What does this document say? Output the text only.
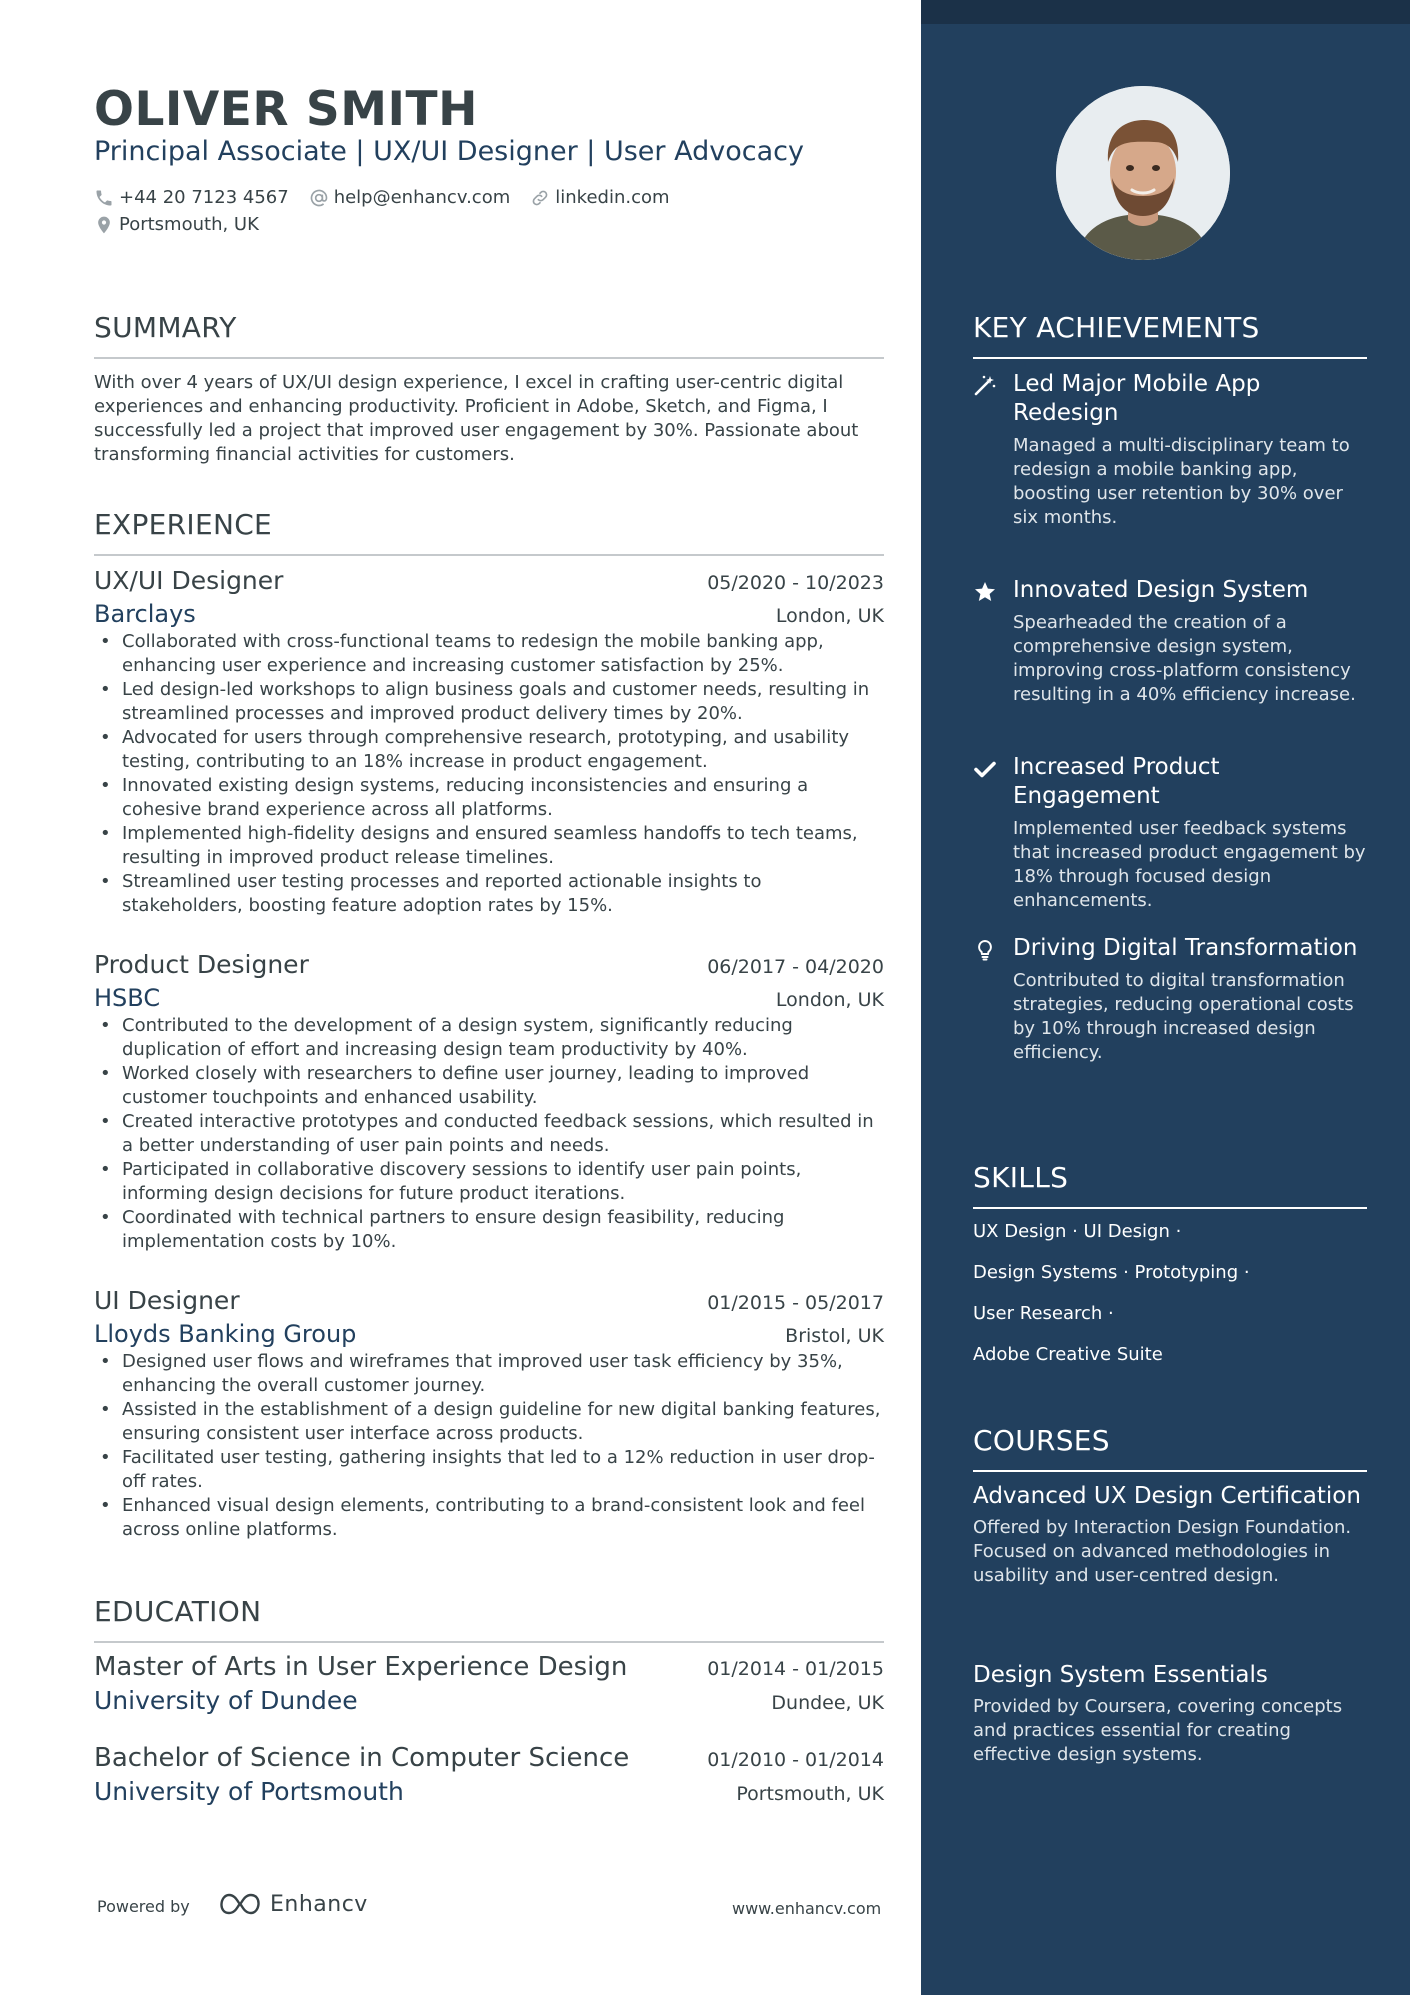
OLIVER SMITH
Principal Associate | UX/UI Designer | User Advocacy
+44 20 7123 4567	help@enhancv.com	linkedin.com
Portsmouth, UK
SUMMARY
With over 4 years of UX/UI design experience, I excel in crafting user-centric digital experiences and enhancing productivity. Proficient in Adobe, Sketch, and Figma, I successfully led a project that improved user engagement by 30%. Passionate about transforming financial activities for customers.
EXPERIENCE
UX/UI Designer	05/2020 - 10/2023
Barclays	London, UK
• Collaborated with cross-functional teams to redesign the mobile banking app, enhancing user experience and increasing customer satisfaction by 25%.
• Led design-led workshops to align business goals and customer needs, resulting in streamlined processes and improved product delivery times by 20%.
• Advocated for users through comprehensive research, prototyping, and usability testing, contributing to an 18% increase in product engagement.
• Innovated existing design systems, reducing inconsistencies and ensuring a cohesive brand experience across all platforms.
• Implemented high-fidelity designs and ensured seamless handoffs to tech teams, resulting in improved product release timelines.
• Streamlined user testing processes and reported actionable insights to stakeholders, boosting feature adoption rates by 15%.
Product Designer	06/2017 - 04/2020
HSBC	London, UK
• Contributed to the development of a design system, significantly reducing duplication of effort and increasing design team productivity by 40%.
• Worked closely with researchers to define user journey, leading to improved customer touchpoints and enhanced usability.
• Created interactive prototypes and conducted feedback sessions, which resulted in a better understanding of user pain points and needs.
• Participated in collaborative discovery sessions to identify user pain points, informing design decisions for future product iterations.
• Coordinated with technical partners to ensure design feasibility, reducing implementation costs by 10%.
UI Designer	01/2015 - 05/2017
Lloyds Banking Group	Bristol, UK
• Designed user flows and wireframes that improved user task efficiency by 35%, enhancing the overall customer journey.
• Assisted in the establishment of a design guideline for new digital banking features, ensuring consistent user interface across products.
• Facilitated user testing, gathering insights that led to a 12% reduction in user drop-off rates.
• Enhanced visual design elements, contributing to a brand-consistent look and feel across online platforms.
EDUCATION
Master of Arts in User Experience Design	01/2014 - 01/2015
University of Dundee	Dundee, UK
Bachelor of Science in Computer Science	01/2010 - 01/2014
University of Portsmouth	Portsmouth, UK
Powered by	Enhancv	www.enhancv.com
KEY ACHIEVEMENTS
Led Major Mobile App Redesign
Managed a multi-disciplinary team to redesign a mobile banking app, boosting user retention by 30% over six months.
Innovated Design System
Spearheaded the creation of a comprehensive design system, improving cross-platform consistency resulting in a 40% efficiency increase.
Increased Product Engagement
Implemented user feedback systems that increased product engagement by 18% through focused design enhancements.
Driving Digital Transformation
Contributed to digital transformation strategies, reducing operational costs by 10% through increased design efficiency.
SKILLS
UX Design · UI Design ·
Design Systems · Prototyping ·
User Research ·
Adobe Creative Suite
COURSES
Advanced UX Design Certification
Offered by Interaction Design Foundation. Focused on advanced methodologies in usability and user-centred design.
Design System Essentials
Provided by Coursera, covering concepts and practices essential for creating effective design systems.
